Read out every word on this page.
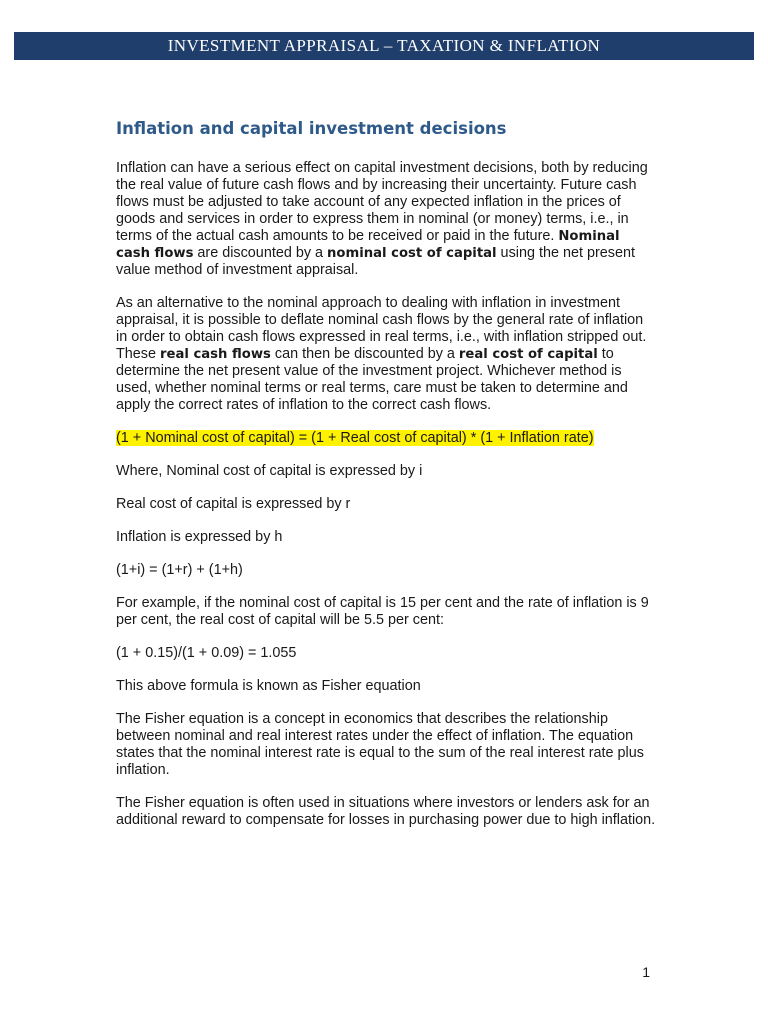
INVESTMENT APPRAISAL – TAXATION & INFLATION
Inflation and capital investment decisions

Inflation can have a serious effect on capital investment decisions, both by reducing the real value of future cash flows and by increasing their uncertainty. Future cash flows must be adjusted to take account of any expected inflation in the prices of goods and services in order to express them in nominal (or money) terms, i.e., in terms of the actual cash amounts to be received or paid in the future. Nominal cash flows are discounted by a nominal cost of capital using the net present value method of investment appraisal.

As an alternative to the nominal approach to dealing with inflation in investment appraisal, it is possible to deflate nominal cash flows by the general rate of inflation in order to obtain cash flows expressed in real terms, i.e., with inflation stripped out. These real cash flows can then be discounted by a real cost of capital to determine the net present value of the investment project. Whichever method is used, whether nominal terms or real terms, care must be taken to determine and apply the correct rates of inflation to the correct cash flows.

(1 + Nominal cost of capital) = (1 + Real cost of capital) * (1 + Inflation rate)

Where, Nominal cost of capital is expressed by i

Real cost of capital is expressed by r

Inflation is expressed by h

(1+i) = (1+r) + (1+h)

For example, if the nominal cost of capital is 15 per cent and the rate of inflation is 9 per cent, the real cost of capital will be 5.5 per cent:

(1 + 0.15)/(1 + 0.09) = 1.055

This above formula is known as Fisher equation

The Fisher equation is a concept in economics that describes the relationship between nominal and real interest rates under the effect of inflation. The equation states that the nominal interest rate is equal to the sum of the real interest rate plus inflation.

The Fisher equation is often used in situations where investors or lenders ask for an additional reward to compensate for losses in purchasing power due to high inflation.

1
